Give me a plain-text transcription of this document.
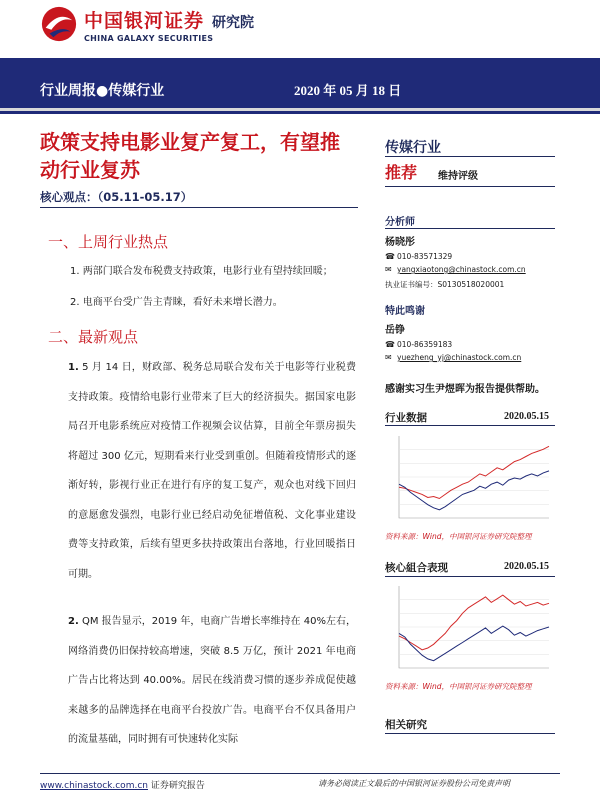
中国银河证券 研究院
CHINA GALAXY SECURITIES
行业周报●传媒行业	2020 年 05 月 18 日
政策支持电影业复产复工，有望推动行业复苏
核心观点：（05.11-05.17）
一、上周行业热点
1. 两部门联合发布税费支持政策，电影行业有望持续回暖；
2. 电商平台受广告主青睐，看好未来增长潜力。
二、最新观点
1. 5 月 14 日，财政部、税务总局联合发布关于电影等行业税费支持政策。疫情给电影行业带来了巨大的经济损失。据国家电影局召开电影系统应对疫情工作视频会议估算，目前全年票房损失将超过 300 亿元，短期看来行业受到重创。但随着疫情形式的逐渐好转，影视行业正在进行有序的复工复产，观众也对线下回归的意愿愈发强烈，电影行业已经启动免征增值税、文化事业建设费等支持政策，后续有望更多扶持政策出台落地，行业回暖指日可期。
2. QM 报告显示，2019 年，电商广告增长率维持在 40%左右，网络消费仍旧保持较高增速，突破 8.5 万亿，预计 2021 年电商广告占比将达到 40.00%。居民在线消费习惯的逐步养成促使越来越多的品牌选择在电商平台投放广告。电商平台不仅具备用户的流量基础，同时拥有可快速转化实际
传媒行业
推荐 维持评级
分析师
杨晓彤
☎ 010-83571329
✉ yangxiaotong@chinastock.com.cn
执业证书编号：S0130518020001
特此鸣谢
岳铮
☎ 010-86359183
✉ yuezheng_yj@chinastock.com.cn
感谢实习生尹煜晖为报告提供帮助。
行业数据	2020.05.15
资料来源：Wind，中国银河证券研究院整理
核心組合表现	2020.05.15
资料来源：Wind，中国银河证券研究院整理
相关研究
www.chinastock.com.cn 证券研究报告	请务必阅读正文最后的中国银河证券股份公司免责声明
